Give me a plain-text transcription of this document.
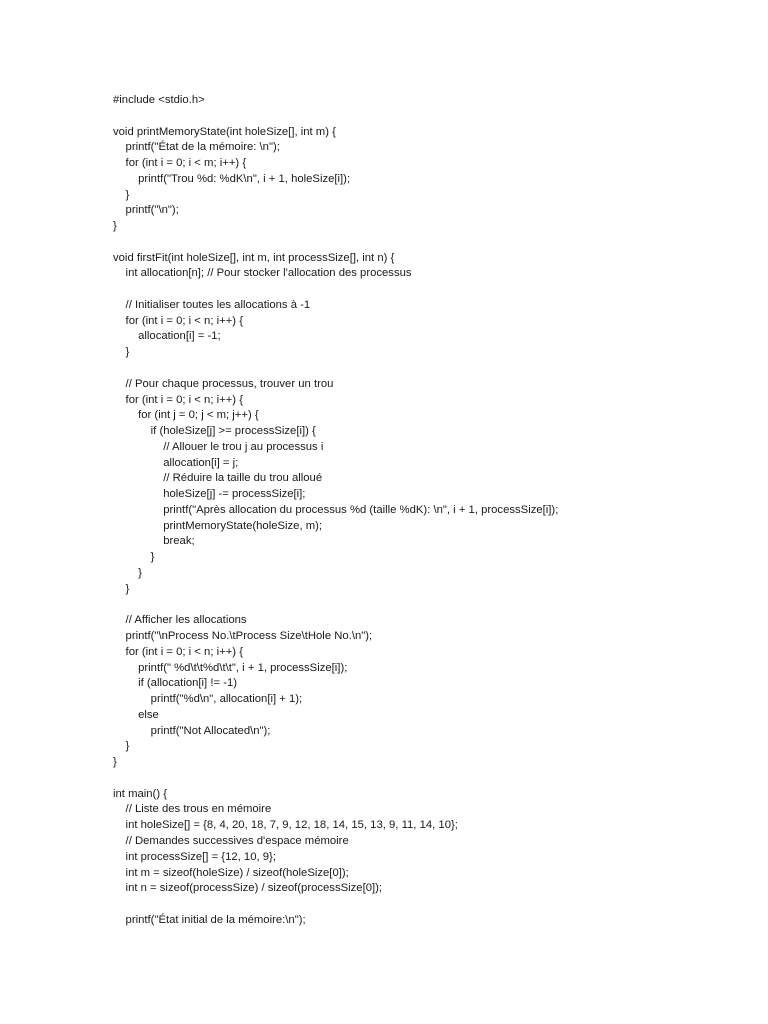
#include <stdio.h>
void printMemoryState(int holeSize[], int m) {
printf("État de la mémoire: \n");
for (int i = 0; i < m; i++) {
printf("Trou %d: %dK\n", i + 1, holeSize[i]);
}
printf("\n");
}
void firstFit(int holeSize[], int m, int processSize[], int n) {
int allocation[n]; // Pour stocker l'allocation des processus
// Initialiser toutes les allocations à -1
for (int i = 0; i < n; i++) {
allocation[i] = -1;
}
// Pour chaque processus, trouver un trou
for (int i = 0; i < n; i++) {
for (int j = 0; j < m; j++) {
if (holeSize[j] >= processSize[i]) {
// Allouer le trou j au processus i
allocation[i] = j;
// Réduire la taille du trou alloué
holeSize[j] -= processSize[i];
printf("Après allocation du processus %d (taille %dK): \n", i + 1, processSize[i]);
printMemoryState(holeSize, m);
break;
}
}
}
// Afficher les allocations
printf("\nProcess No.\tProcess Size\tHole No.\n");
for (int i = 0; i < n; i++) {
printf(" %d\t\t%d\t\t", i + 1, processSize[i]);
if (allocation[i] != -1)
printf("%d\n", allocation[i] + 1);
else
printf("Not Allocated\n");
}
}
int main() {
// Liste des trous en mémoire
int holeSize[] = {8, 4, 20, 18, 7, 9, 12, 18, 14, 15, 13, 9, 11, 14, 10};
// Demandes successives d'espace mémoire
int processSize[] = {12, 10, 9};
int m = sizeof(holeSize) / sizeof(holeSize[0]);
int n = sizeof(processSize) / sizeof(processSize[0]);
printf("État initial de la mémoire:\n");
